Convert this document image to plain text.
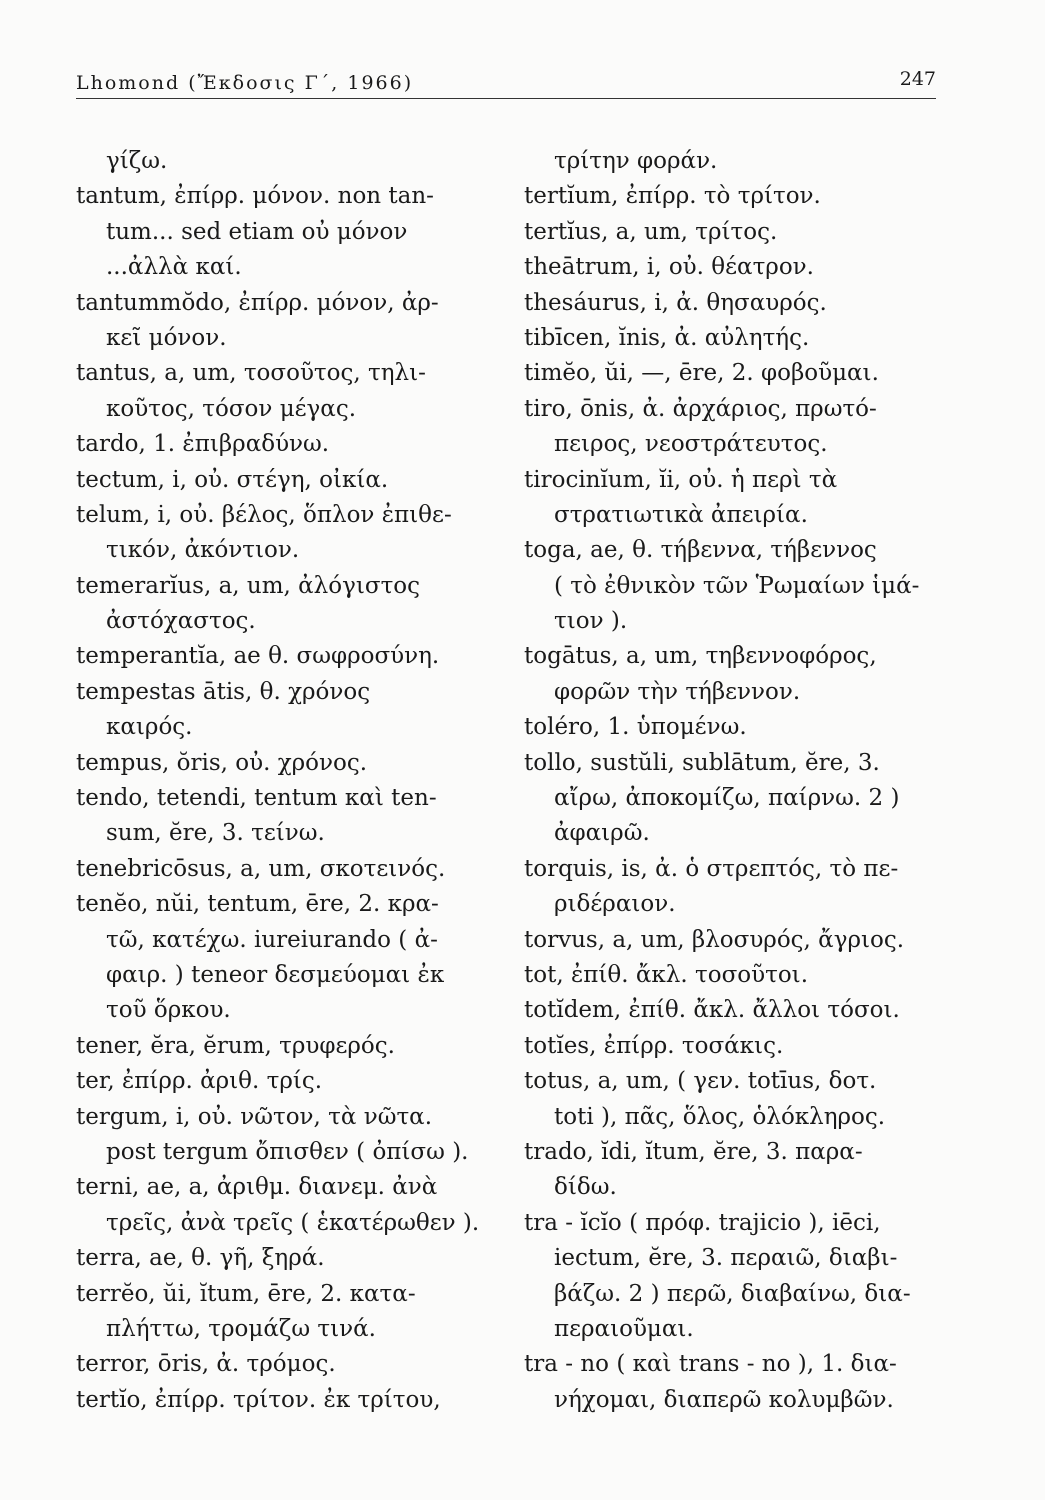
Lhomond (Ἔκδοσις Γ΄, 1966)	247
γίζω.
tantum, ἐπίρρ. μόνον. non tan-
tum... sed etiam οὐ μόνον
...ἀλλὰ καί.
tantummŏdo, ἐπίρρ. μόνον, ἀρ-
κεῖ μόνον.
tantus, a, um, τοσοῦτος, τηλι-
κοῦτος, τόσον μέγας.
tardo, 1. ἐπιβραδύνω.
tectum, i, οὐ. στέγη, οἰκία.
telum, i, οὐ. βέλος, ὅπλον ἐπιθε-
τικόν, ἀκόντιον.
temerarĭus, a, um, ἀλόγιστος
ἀστόχαστος.
temperantĭa, ae θ. σωφροσύνη.
tempestas ātis, θ. χρόνος
καιρός.
tempus, ŏris, οὐ. χρόνος.
tendo, tetendi, tentum καὶ ten-
sum, ĕre, 3. τείνω.
tenebricōsus, a, um, σκοτεινός.
tenĕo, nŭi, tentum, ēre, 2. κρα-
τῶ, κατέχω. iureiurando ( ἀ-
φαιρ. ) teneor δεσμεύομαι ἐκ
τοῦ ὅρκου.
tener, ĕra, ĕrum, τρυφερός.
ter, ἐπίρρ. ἀριθ. τρίς.
tergum, i, οὐ. νῶτον, τὰ νῶτα.
post tergum ὄπισθεν ( ὀπίσω ).
terni, ae, a, ἀριθμ. διανεμ. ἀνὰ
τρεῖς, ἀνὰ τρεῖς ( ἑκατέρωθεν ).
terra, ae, θ. γῆ, ξηρά.
terrĕo, ŭi, ĭtum, ēre, 2. κατα-
πλήττω, τρομάζω τινά.
terror, ōris, ἀ. τρόμος.
tertĭo, ἐπίρρ. τρίτον. ἐκ τρίτου,
τρίτην φοράν.
tertĭum, ἐπίρρ. τὸ τρίτον.
tertĭus, a, um, τρίτος.
theātrum, i, οὐ. θέατρον.
thesáurus, i, ἀ. θησαυρός.
tibīcen, ĭnis, ἀ. αὐλητής.
timĕo, ŭi, —, ēre, 2. φοβοῦμαι.
tiro, ōnis, ἀ. ἀρχάριος, πρωτό-
πειρος, νεοστράτευτος.
tirocinĭum, ĭi, οὐ. ἡ περὶ τὰ
στρατιωτικὰ ἀπειρία.
toga, ae, θ. τήβεννα, τήβεννος
( τὸ ἐθνικὸν τῶν Ῥωμαίων ἱμά-
τιον ).
togātus, a, um, τηβεννοφόρος,
φορῶν τὴν τήβεννον.
toléro, 1. ὑπομένω.
tollo, sustŭli, sublātum, ĕre, 3.
αἴρω, ἀποκομίζω, παίρνω. 2 )
ἀφαιρῶ.
torquis, is, ἀ. ὁ στρεπτός, τὸ πε-
ριδέραιον.
torvus, a, um, βλοσυρός, ἄγριος.
tot, ἐπίθ. ἄκλ. τοσοῦτοι.
totĭdem, ἐπίθ. ἄκλ. ἄλλοι τόσοι.
totĭes, ἐπίρρ. τοσάκις.
totus, a, um, ( γεν. totīus, δοτ.
toti ), πᾶς, ὅλος, ὁλόκληρος.
trado, ĭdi, ĭtum, ĕre, 3. παρα-
δίδω.
tra - ĭcĭo ( πρόφ. trajicio ), iēci,
iectum, ĕre, 3. περαιῶ, διαβι-
βάζω. 2 ) περῶ, διαβαίνω, δια-
περαιοῦμαι.
tra - no ( καὶ trans - no ), 1. δια-
νήχομαι, διαπερῶ κολυμβῶν.
